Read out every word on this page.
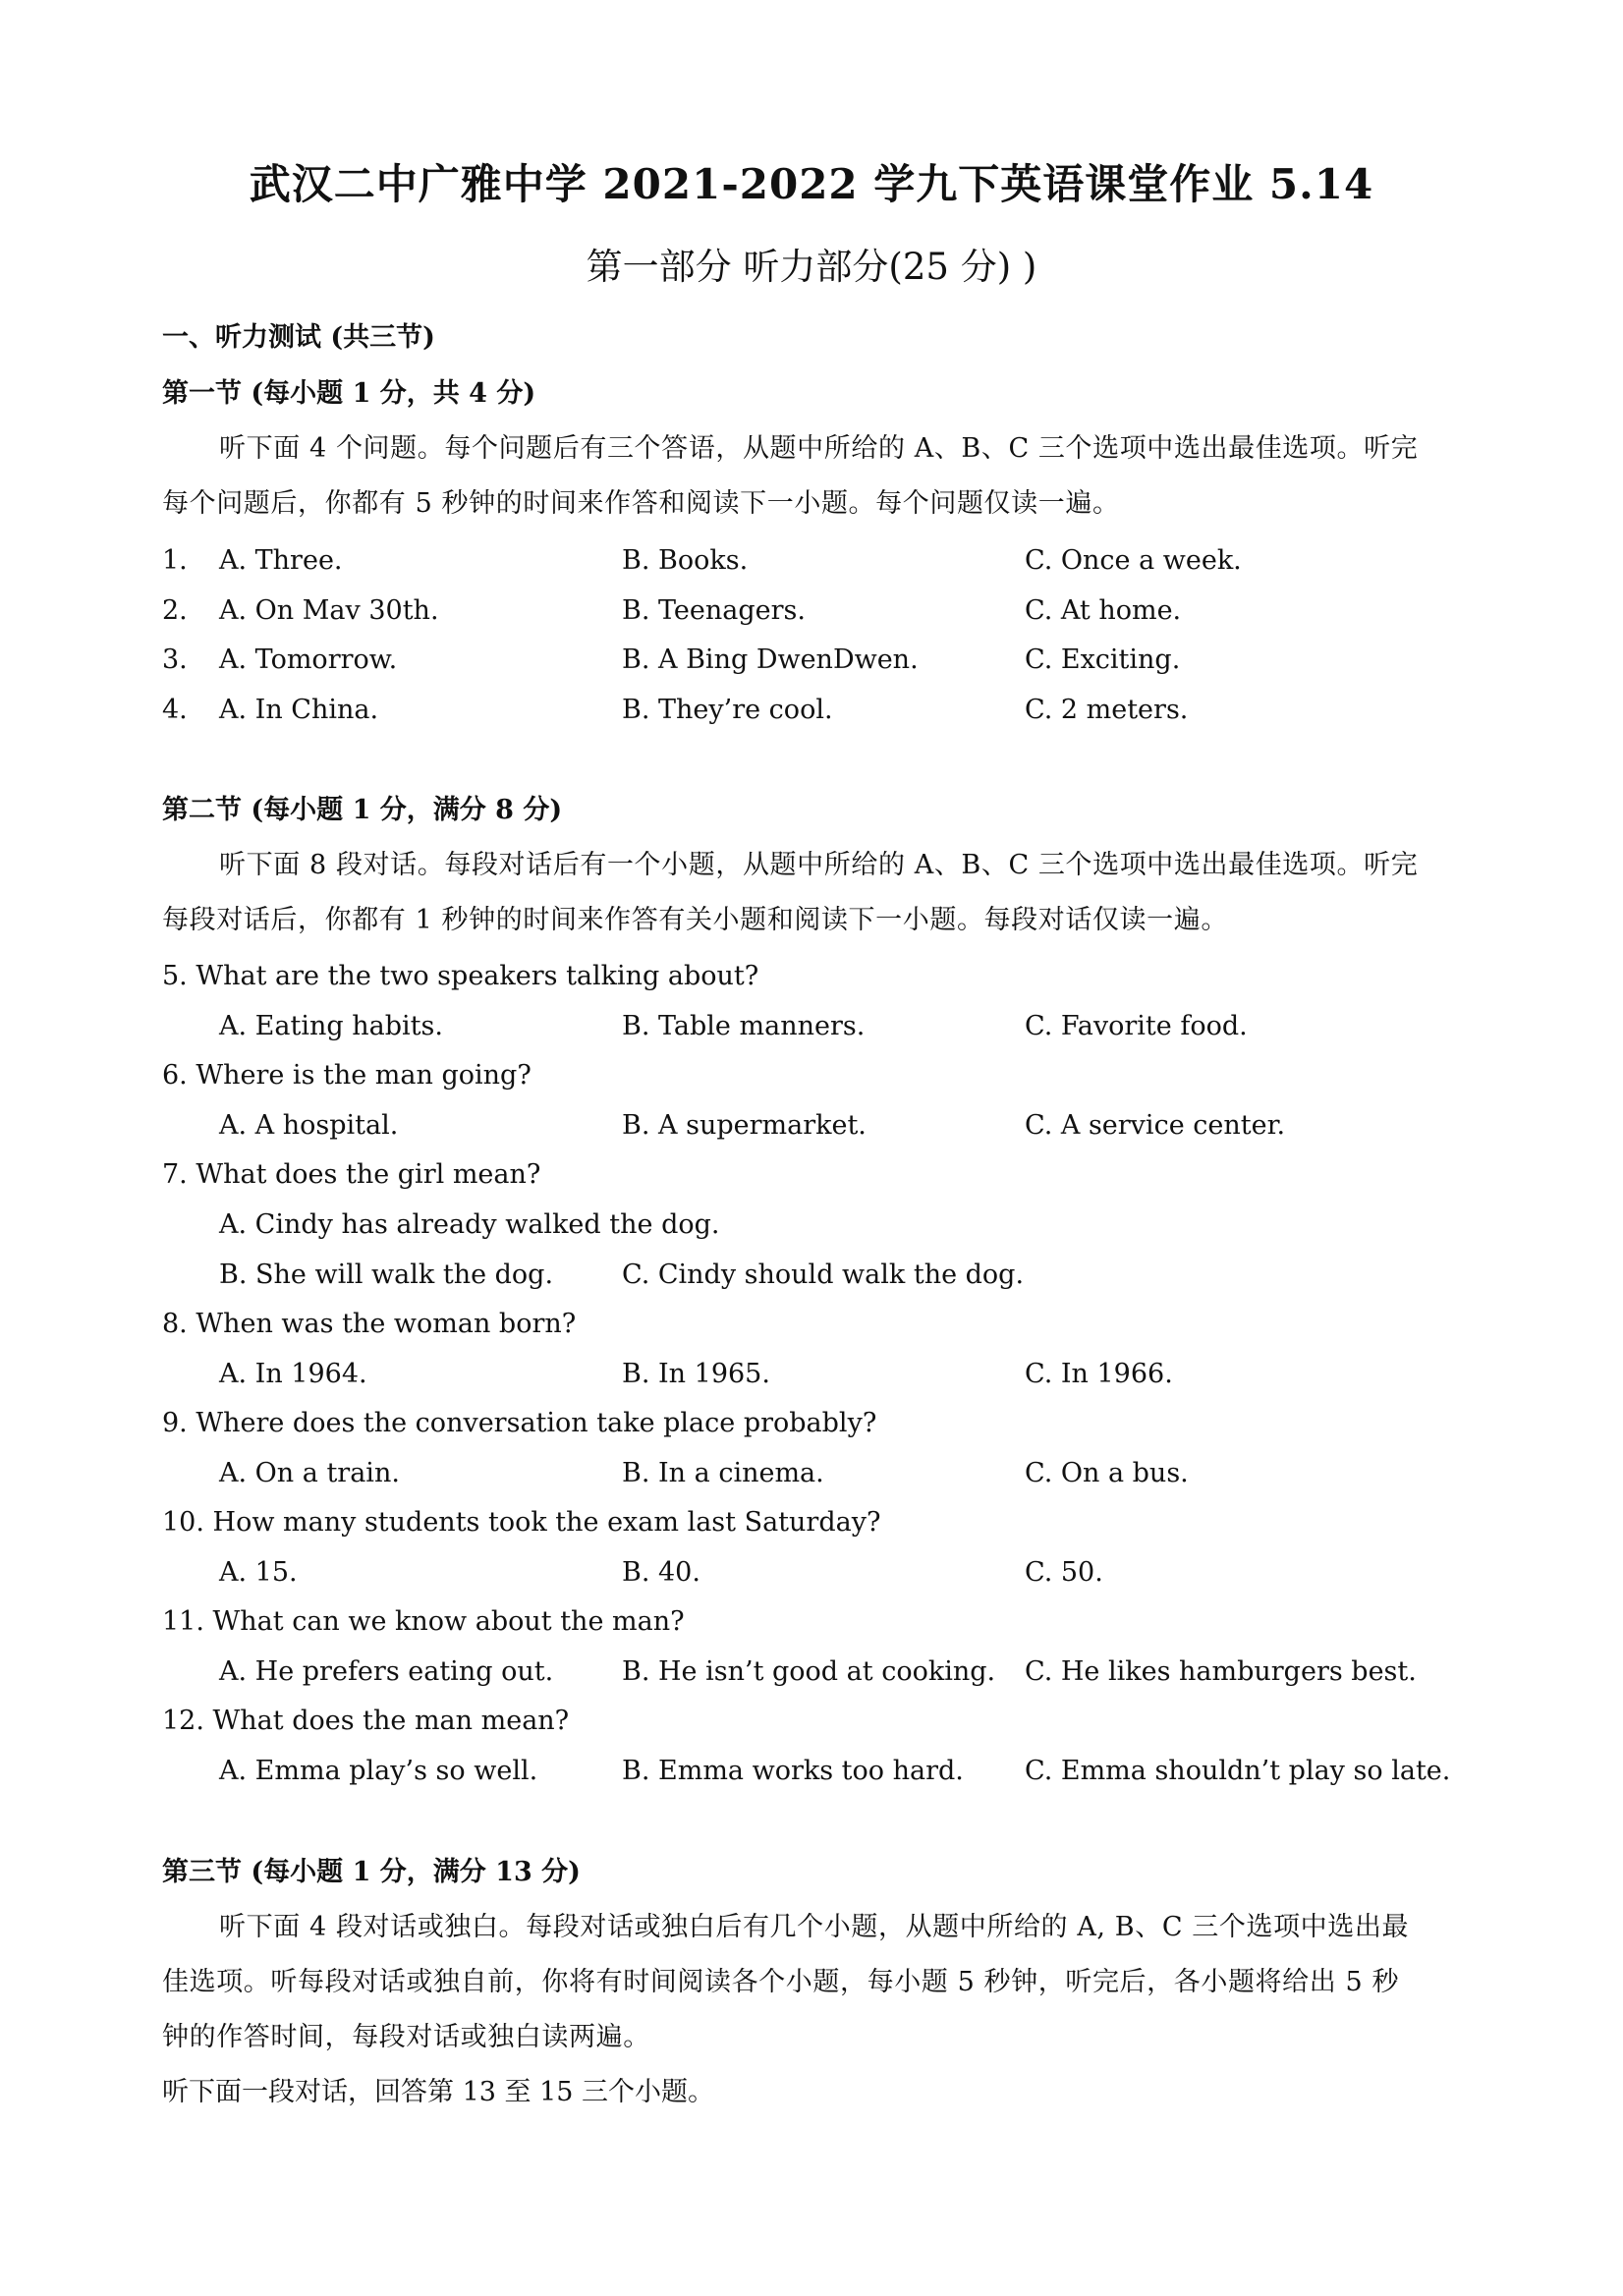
武汉二中广雅中学 2021-2022 学九下英语课堂作业 5.14
第一部分 听力部分(25 分) )
一、听力测试 (共三节)
第一节 (每小题 1 分，共 4 分)
听下面 4 个问题。每个问题后有三个答语，从题中所给的 A、B、C 三个选项中选出最佳选项。听完
每个问题后，你都有 5 秒钟的时间来作答和阅读下一小题。每个问题仅读一遍。
1. A. Three.	B. Books.	C. Once a week.
2. A. On Mav 30th.	B. Teenagers.	C. At home.
3. A. Tomorrow.	B. A Bing DwenDwen.	C. Exciting.
4. A. In China.	B. They’re cool.	C. 2 meters.
第二节 (每小题 1 分，满分 8 分)
听下面 8 段对话。每段对话后有一个小题，从题中所给的 A、B、C 三个选项中选出最佳选项。听完
每段对话后，你都有 1 秒钟的时间来作答有关小题和阅读下一小题。每段对话仅读一遍。
5. What are the two speakers talking about?
A. Eating habits.	B. Table manners.	C. Favorite food.
6. Where is the man going?
A. A hospital.	B. A supermarket.	C. A service center.
7. What does the girl mean?
A. Cindy has already walked the dog.
B. She will walk the dog.	C. Cindy should walk the dog.
8. When was the woman born?
A. In 1964.	B. In 1965.	C. In 1966.
9. Where does the conversation take place probably?
A. On a train.	B. In a cinema.	C. On a bus.
10. How many students took the exam last Saturday?
A. 15.	B. 40.	C. 50.
11. What can we know about the man?
A. He prefers eating out.	B. He isn’t good at cooking. C. He likes hamburgers best.
12. What does the man mean?
A. Emma play’s so well.	B. Emma works too hard. C. Emma shouldn’t play so late.
第三节 (每小题 1 分，满分 13 分)
听下面 4 段对话或独白。每段对话或独白后有几个小题，从题中所给的 A, B、C 三个选项中选出最
佳选项。听每段对话或独自前，你将有时间阅读各个小题，每小题 5 秒钟，听完后，各小题将给出 5 秒
钟的作答时间，每段对话或独白读两遍。
听下面一段对话，回答第 13 至 15 三个小题。
